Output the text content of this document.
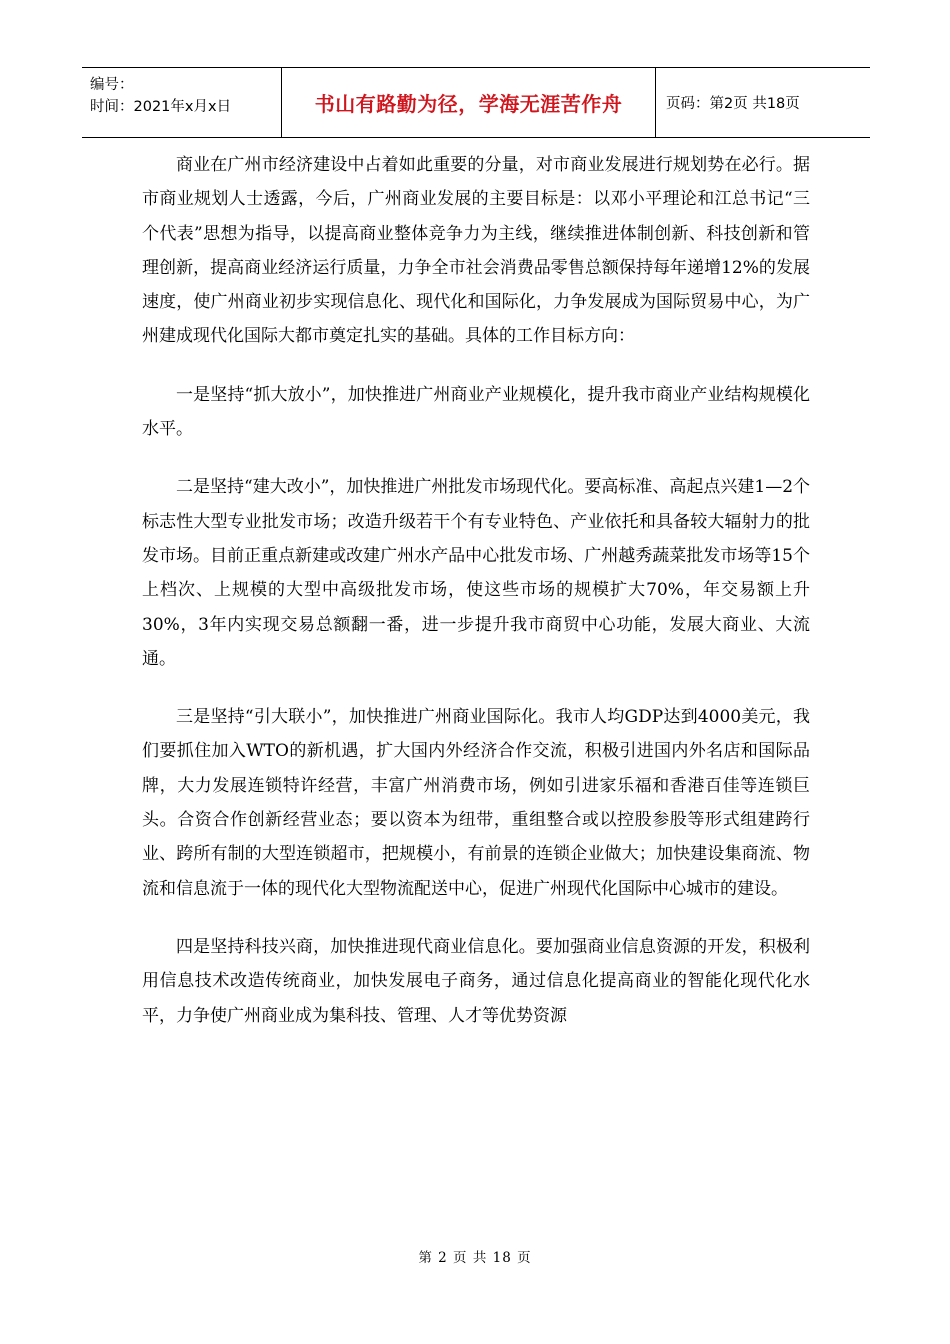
编号：
时间：2021年x月x日	书山有路勤为径，学海无涯苦作舟	页码：第2页 共18页

商业在广州市经济建设中占着如此重要的分量，对市商业发展进行规划势在必行。据市商业规划人士透露，今后，广州商业发展的主要目标是：以邓小平理论和江总书记“三个代表”思想为指导，以提高商业整体竞争力为主线，继续推进体制创新、科技创新和管理创新，提高商业经济运行质量，力争全市社会消费品零售总额保持每年递增12%的发展速度，使广州商业初步实现信息化、现代化和国际化，力争发展成为国际贸易中心，为广州建成现代化国际大都市奠定扎实的基础。具体的工作目标方向：

一是坚持“抓大放小”，加快推进广州商业产业规模化，提升我市商业产业结构规模化水平。

二是坚持“建大改小”，加快推进广州批发市场现代化。要高标准、高起点兴建1—2个标志性大型专业批发市场；改造升级若干个有专业特色、产业依托和具备较大辐射力的批发市场。目前正重点新建或改建广州水产品中心批发市场、广州越秀蔬菜批发市场等15个上档次、上规模的大型中高级批发市场，使这些市场的规模扩大70%，年交易额上升30%，3年内实现交易总额翻一番，进一步提升我市商贸中心功能，发展大商业、大流通。

三是坚持“引大联小”，加快推进广州商业国际化。我市人均GDP达到4000美元，我们要抓住加入WTO的新机遇，扩大国内外经济合作交流，积极引进国内外名店和国际品牌，大力发展连锁特许经营，丰富广州消费市场，例如引进家乐福和香港百佳等连锁巨头。合资合作创新经营业态；要以资本为纽带，重组整合或以控股参股等形式组建跨行业、跨所有制的大型连锁超市，把规模小，有前景的连锁企业做大；加快建设集商流、物流和信息流于一体的现代化大型物流配送中心，促进广州现代化国际中心城市的建设。

四是坚持科技兴商，加快推进现代商业信息化。要加强商业信息资源的开发，积极利用信息技术改造传统商业，加快发展电子商务，通过信息化提高商业的智能化现代化水平，力争使广州商业成为集科技、管理、人才等优势资源

第 2 页 共 18 页
